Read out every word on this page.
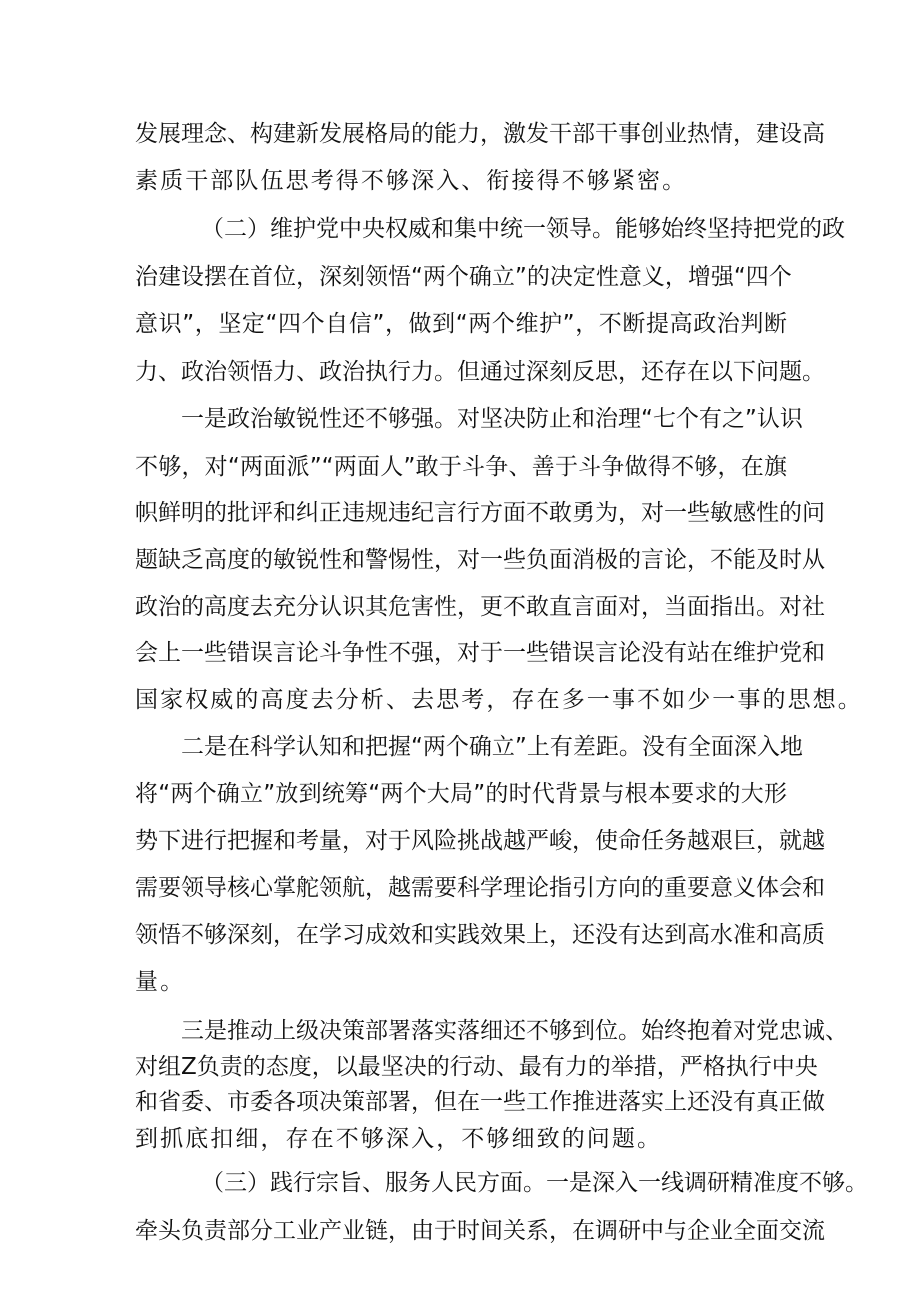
发展理念、构建新发展格局的能力，激发干部干事创业热情，建设高
素质干部队伍思考得不够深入、衔接得不够紧密。
（二）维护党中央权威和集中统一领导。能够始终坚持把党的政
治建设摆在首位，深刻领悟“两个确立”的决定性意义，增强“四个
意识”，坚定“四个自信”，做到“两个维护”，不断提高政治判断
力、政治领悟力、政治执行力。但通过深刻反思，还存在以下问题。
一是政治敏锐性还不够强。对坚决防止和治理“七个有之”认识
不够，对“两面派”“两面人”敢于斗争、善于斗争做得不够，在旗
帜鲜明的批评和纠正违规违纪言行方面不敢勇为，对一些敏感性的问
题缺乏高度的敏锐性和警惕性，对一些负面消极的言论，不能及时从
政治的高度去充分认识其危害性，更不敢直言面对，当面指出。对社
会上一些错误言论斗争性不强，对于一些错误言论没有站在维护党和
国家权威的高度去分析、去思考，存在多一事不如少一事的思想。
二是在科学认知和把握“两个确立”上有差距。没有全面深入地
将“两个确立”放到统筹“两个大局”的时代背景与根本要求的大形
势下进行把握和考量，对于风险挑战越严峻，使命任务越艰巨，就越
需要领导核心掌舵领航，越需要科学理论指引方向的重要意义体会和
领悟不够深刻，在学习成效和实践效果上，还没有达到高水准和高质
量。
三是推动上级决策部署落实落细还不够到位。始终抱着对党忠诚、
对组Z负责的态度，以最坚决的行动、最有力的举措，严格执行中央
和省委、市委各项决策部署，但在一些工作推进落实上还没有真正做
到抓底扣细，存在不够深入，不够细致的问题。
（三）践行宗旨、服务人民方面。一是深入一线调研精准度不够。
牵头负责部分工业产业链，由于时间关系，在调研中与企业全面交流
